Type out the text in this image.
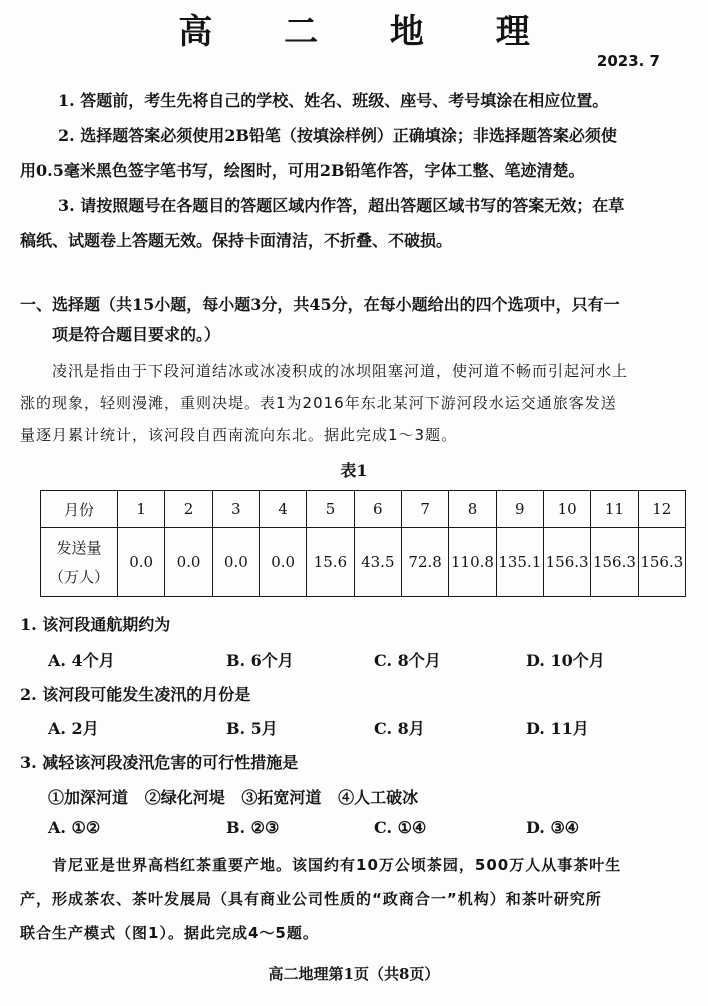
高 二 地 理
2023. 7
1. 答题前，考生先将自己的学校、姓名、班级、座号、考号填涂在相应位置。
2. 选择题答案必须使用2B铅笔（按填涂样例）正确填涂；非选择题答案必须使
用0.5毫米黑色签字笔书写，绘图时，可用2B铅笔作答，字体工整、笔迹清楚。
3. 请按照题号在各题目的答题区域内作答，超出答题区域书写的答案无效；在草
稿纸、试题卷上答题无效。保持卡面清洁，不折叠、不破损。
一、选择题（共15小题，每小题3分，共45分，在每小题给出的四个选项中，只有一
项是符合题目要求的。）
凌汛是指由于下段河道结冰或冰凌积成的冰坝阻塞河道，使河道不畅而引起河水上
涨的现象，轻则漫滩，重则决堤。表1为2016年东北某河下游河段水运交通旅客发送
量逐月累计统计，该河段自西南流向东北。据此完成1～3题。
表1
月份	1	2	3	4	5	6	7	8	9	10	11	12

发送量
（万人）	0.0	0.0	0.0	0.0	15.6	43.5	72.8	110.8	135.1	156.3	156.3	156.3
1. 该河段通航期约为
A. 4个月	B. 6个月	C. 8个月	D. 10个月
2. 该河段可能发生凌汛的月份是
A. 2月	B. 5月	C. 8月	D. 11月
3. 减轻该河段凌汛危害的可行性措施是
①加深河道   ②绿化河堤   ③拓宽河道   ④人工破冰
A. ①②	B. ②③	C. ①④	D. ③④
肯尼亚是世界高档红茶重要产地。该国约有10万公顷茶园，500万人从事茶叶生
产，形成茶农、茶叶发展局（具有商业公司性质的“政商合一”机构）和茶叶研究所
联合生产模式（图1）。据此完成4～5题。
高二地理第1页（共8页）
